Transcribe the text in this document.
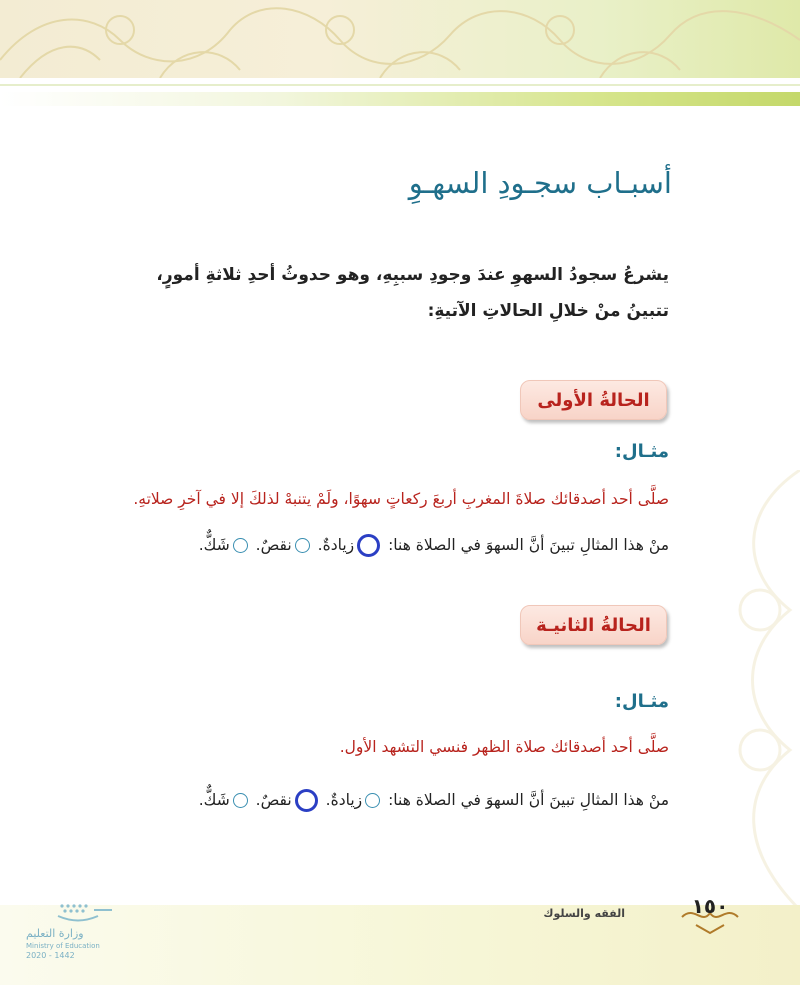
أسبـاب سجـودِ السهـوِ
يشرعُ سجودُ السهوِ عندَ وجودِ سببِهِ، وهو حدوثُ أحدِ ثلاثةِ أمورٍ، تتبينُ منْ خلالِ الحالاتِ الآتيةِ:
الحالةُ الأولى
مثـال:
صلَّى أحد أصدقائك صلاةَ المغربِ أربعَ ركعاتٍ سهوًا، ولَمْ يتنبهْ لذلكَ إلا في آخرِ صلاتهِ.
منْ هذا المثالِ تبينَ أنَّ السهوَ في الصلاة هنا: زيادةٌ. نقصٌ. شَكٌّ.
الحالةُ الثانيـة
مثـال:
صلَّى أحد أصدقائك صلاة الظهر فنسي التشهد الأول.
منْ هذا المثالِ تبينَ أنَّ السهوَ في الصلاة هنا: زيادةٌ. نقصٌ. شَكٌّ.
الفقه والسلوك	١٥٠
وزارة التعليم
Ministry of Education
2020 - 1442
